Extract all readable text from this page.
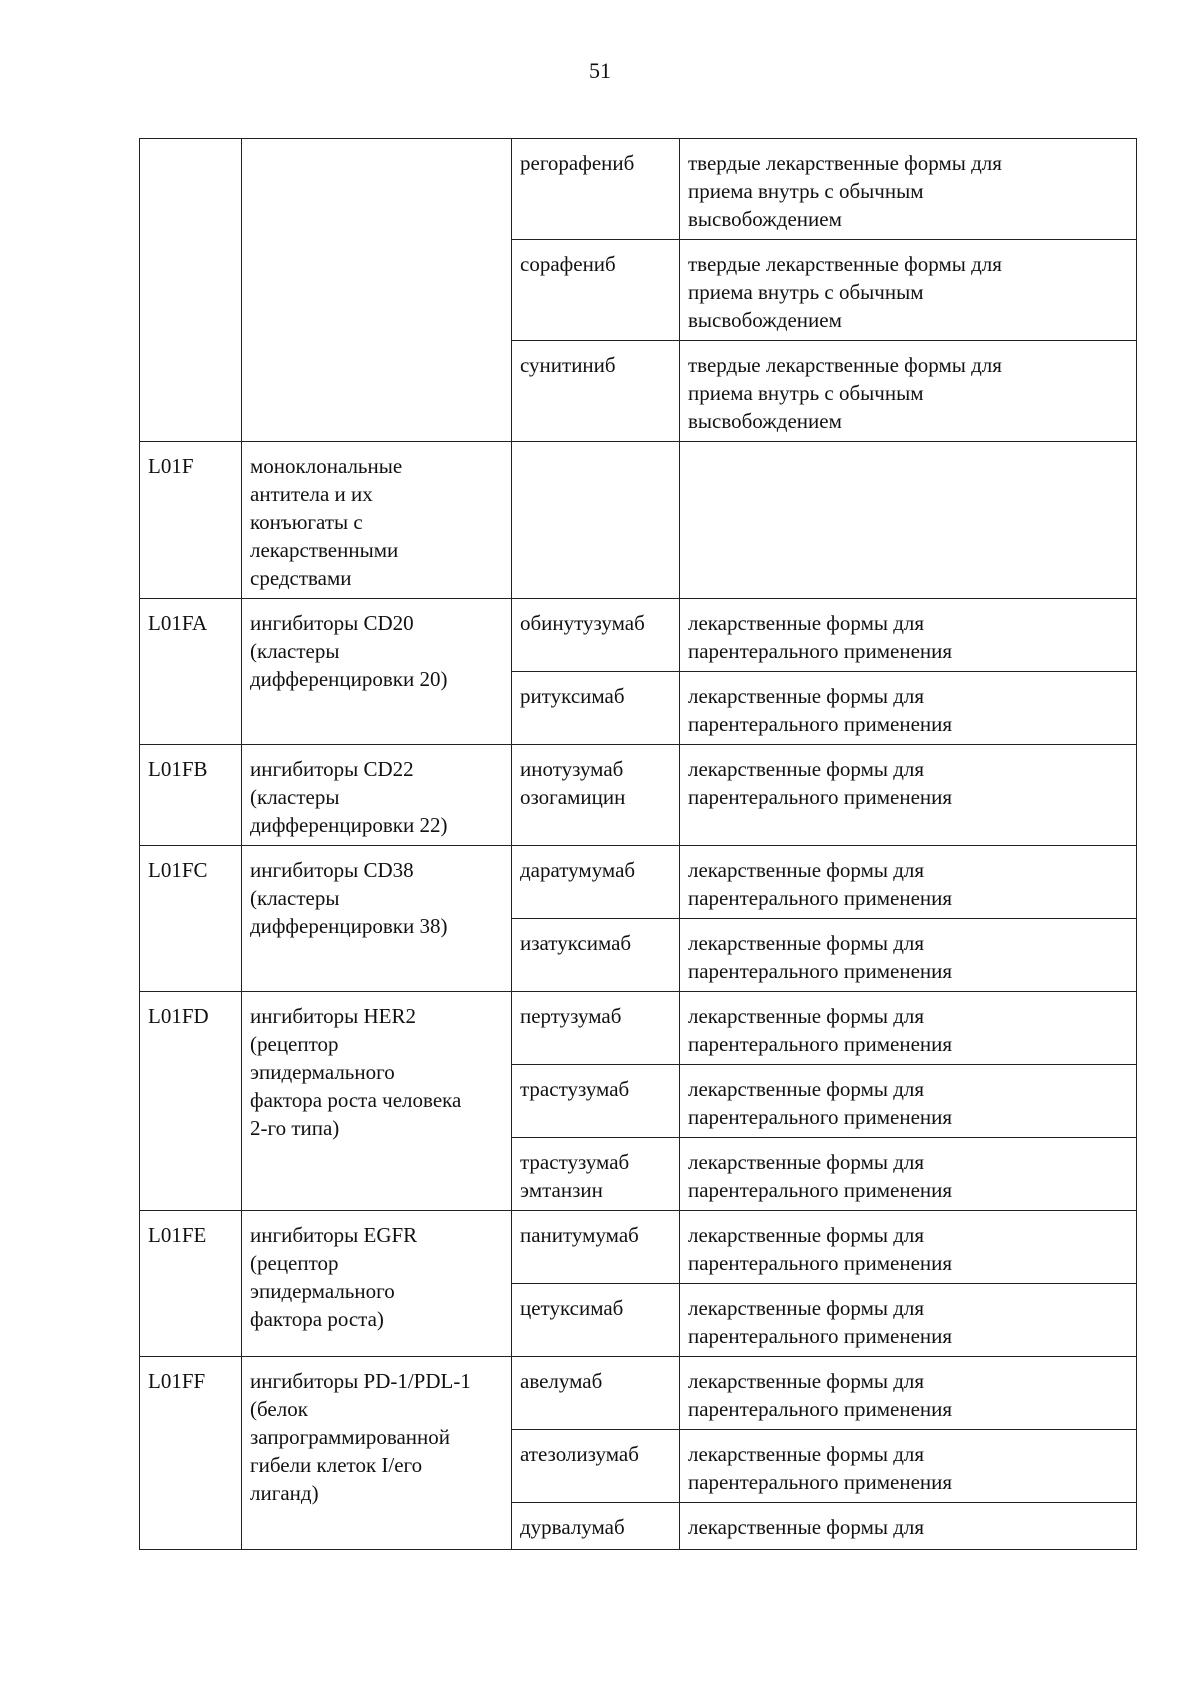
51
		регорафениб	твердые лекарственные формы для
приема внутрь с обычным
высвобождением
		сорафениб	твердые лекарственные формы для
приема внутрь с обычным
высвобождением
		сунитиниб	твердые лекарственные формы для
приема внутрь с обычным
высвобождением
L01F	моноклональные
антитела и их
конъюгаты с
лекарственными
средствами		
L01FA	ингибиторы CD20
(кластеры
дифференцировки 20)	обинутузумаб	лекарственные формы для
парентерального применения
		ритуксимаб	лекарственные формы для
парентерального применения
L01FB	ингибиторы CD22
(кластеры
дифференцировки 22)	инотузумаб
озогамицин	лекарственные формы для
парентерального применения
L01FC	ингибиторы CD38
(кластеры
дифференцировки 38)	даратумумаб	лекарственные формы для
парентерального применения
		изатуксимаб	лекарственные формы для
парентерального применения
L01FD	ингибиторы HER2
(рецептор
эпидермального
фактора роста человека
2-го типа)	пертузумаб	лекарственные формы для
парентерального применения
		трастузумаб	лекарственные формы для
парентерального применения
		трастузумаб
эмтанзин	лекарственные формы для
парентерального применения
L01FE	ингибиторы EGFR
(рецептор
эпидермального
фактора роста)	панитумумаб	лекарственные формы для
парентерального применения
		цетуксимаб	лекарственные формы для
парентерального применения
L01FF	ингибиторы PD-1/PDL-1
(белок
запрограммированной
гибели клеток I/его
лиганд)	авелумаб	лекарственные формы для
парентерального применения
		атезолизумаб	лекарственные формы для
парентерального применения
		дурвалумаб	лекарственные формы для
